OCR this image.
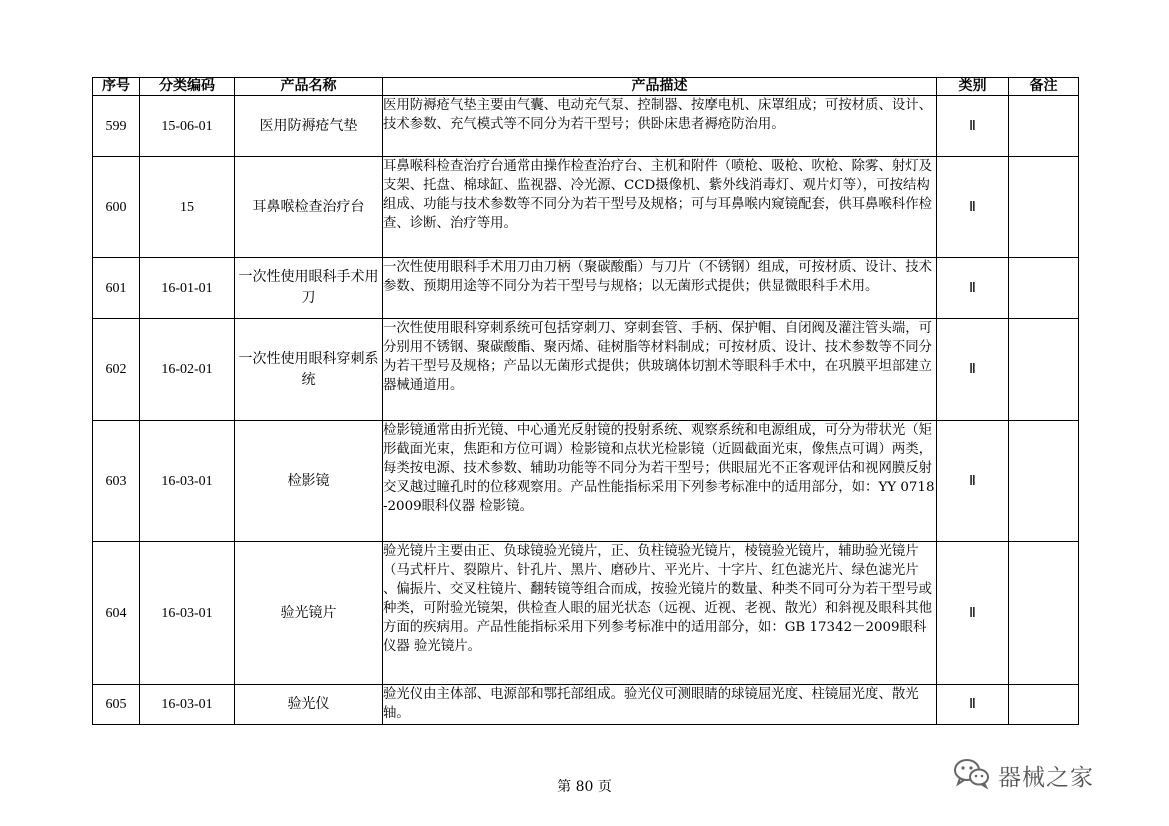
序号	分类编码	产品名称	产品描述	类别	备注
599	15-06-01	医用防褥疮气垫	医用防褥疮气垫主要由气囊、电动充气泵、控制器、按摩电机、床罩组成；可按材质、设计、技术参数、充气模式等不同分为若干型号；供卧床患者褥疮防治用。	Ⅱ	
600	15	耳鼻喉检查治疗台	耳鼻喉科检查治疗台通常由操作检查治疗台、主机和附件（喷枪、吸枪、吹枪、除雾、射灯及支架、托盘、棉球缸、监视器、冷光源、CCD摄像机、紫外线消毒灯、观片灯等），可按结构组成、功能与技术参数等不同分为若干型号及规格；可与耳鼻喉内窥镜配套，供耳鼻喉科作检查、诊断、治疗等用。	Ⅱ	
601	16-01-01	一次性使用眼科手术用刀	一次性使用眼科手术用刀由刀柄（聚碳酸酯）与刀片（不锈钢）组成，可按材质、设计、技术参数、预期用途等不同分为若干型号与规格；以无菌形式提供；供显微眼科手术用。	Ⅱ	
602	16-02-01	一次性使用眼科穿刺系统	一次性使用眼科穿刺系统可包括穿刺刀、穿刺套管、手柄、保护帽、自闭阀及灌注管头端，可分别用不锈钢、聚碳酸酯、聚丙烯、硅树脂等材料制成；可按材质、设计、技术参数等不同分为若干型号及规格；产品以无菌形式提供；供玻璃体切割术等眼科手术中，在巩膜平坦部建立器械通道用。	Ⅱ	
603	16-03-01	检影镜	检影镜通常由折光镜、中心通光反射镜的投射系统、观察系统和电源组成，可分为带状光（矩形截面光束，焦距和方位可调）检影镜和点状光检影镜（近圆截面光束，像焦点可调）两类，每类按电源、技术参数、辅助功能等不同分为若干型号；供眼屈光不正客观评估和视网膜反射交叉越过瞳孔时的位移观察用。产品性能指标采用下列参考标准中的适用部分，如：YY 0718-2009眼科仪器 检影镜。	Ⅱ	
604	16-03-01	验光镜片	验光镜片主要由正、负球镜验光镜片，正、负柱镜验光镜片，棱镜验光镜片，辅助验光镜片（马式杆片、裂隙片、针孔片、黑片、磨砂片、平光片、十字片、红色滤光片、绿色滤光片 、偏振片、交叉柱镜片、翻转镜等组合而成，按验光镜片的数量、种类不同可分为若干型号或种类，可附验光镜架，供检查人眼的屈光状态（远视、近视、老视、散光）和斜视及眼科其他方面的疾病用。产品性能指标采用下列参考标准中的适用部分，如：GB 17342－2009眼科仪器 验光镜片。	Ⅱ	
605	16-03-01	验光仪	验光仪由主体部、电源部和鄂托部组成。验光仪可测眼睛的球镜屈光度、柱镜屈光度、散光轴。	Ⅱ	
第 80 页	器械之家
